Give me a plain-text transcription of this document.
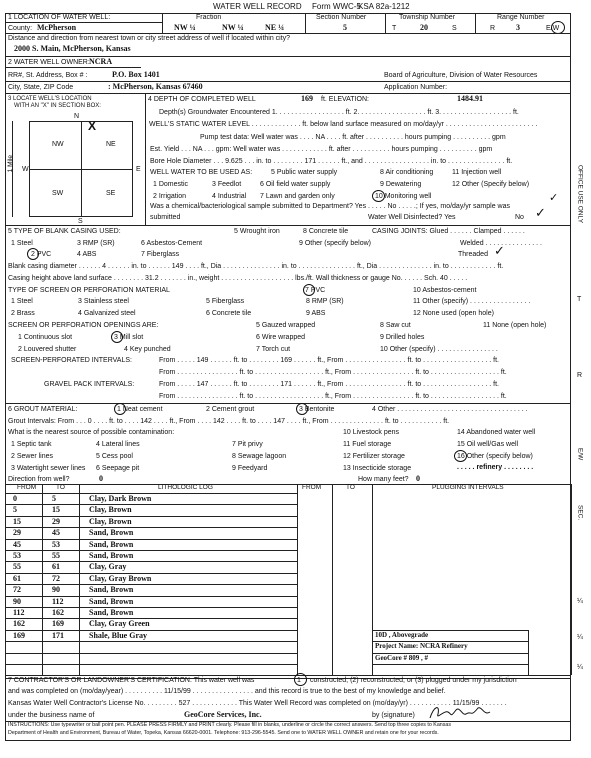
WATER WELL RECORD Form WWC-5
KSA 82a-1212
1 LOCATION OF WATER WELL:	Fraction	Section Number	Township Number	Range Number
County: McPherson	NW ¼	NW ¼	NE ¼	5	T	20	S	R	3	E/W
Distance and direction from nearest town or city street address of well if located within city?
2000 S. Main, McPherson, Kansas
2 WATER WELL OWNER: NCRA
RR#, St. Address, Box # :	P.O. Box 1401	Board of Agriculture, Division of Water Resources
City, State, ZIP Code	: McPherson, Kansas 67460	Application Number:
3 LOCATE WELL'S LOCATION
WITH AN "X" IN SECTION BOX:
N
X
NW	NE
SW	SE
W	E
S
1 Mile
4 DEPTH OF COMPLETED WELL	169 ft. ELEVATION:	1484.91
Depth(s) Groundwater Encountered 1. . . . . . . . . . . . . . . . . . ft. 2. . . . . . . . . . . . . . . . . . ft. 3. . . . . . . . . . . . . . . . . . . ft.
WELL'S STATIC WATER LEVEL . . . . . . . . . . . . . ft. below land surface measured on mo/day/yr . . . . . . . . . . . . . . . . . . . . . . . .
Pump test data: Well water was . . . . NA . . . . ft. after . . . . . . . . . . hours pumping . . . . . . . . . . gpm
Est. Yield . . . NA . . . gpm: Well water was . . . . . . . . . . . . ft. after . . . . . . . . . . hours pumping . . . . . . . . . . gpm
Bore Hole Diameter . . . 9.625 . . . in. to . . . . . . . . 171 . . . . . . ft., and . . . . . . . . . . . . . . . . . in. to . . . . . . . . . . . . . . . ft.
WELL WATER TO BE USED AS:	5 Public water supply	8 Air conditioning	11 Injection well
1 Domestic	3 Feedlot	6 Oil field water supply	9 Dewatering	12 Other (Specify below)
2 Irrigation	4 Industrial 7 Lawn and garden only	10 Monitoring well
Was a chemical/bacteriological sample submitted to Department? Yes . . . . . No . . . . .; If yes, mo/day/yr sample was
submitted	Water Well Disinfected? Yes	No ✓
✓
5 TYPE OF BLANK CASING USED:	5 Wrought iron	8 Concrete tile	CASING JOINTS: Glued . . . . . . Clamped . . . . . .
1 Steel	3 RMP (SR)	6 Asbestos-Cement	9 Other (specify below)	Welded . . . . . . . . . . . . . . .
2 PVC	4 ABS	7 Fiberglass	Threaded ✓
Blank casing diameter . . . . . . 4 . . . . . . in. to . . . . . . 149 . . . . ft., Dia . . . . . . . . . . . . . . . in. to . . . . . . . . . . . . . . . ft., Dia . . . . . . . . . . . . . . in. to . . . . . . . . . . . . ft.
Casing height above land surface . . . . . . . . 31.2 . . . . . . . in., weight . . . . . . . . . . . . . . . . . . . lbs./ft. Wall thickness or gauge No. . . . . . Sch. 40 . . . . .
TYPE OF SCREEN OR PERFORATION MATERIAL	7 PVC	10 Asbestos-cement
1 Steel	3 Stainless steel	5 Fiberglass	8 RMP (SR)	11 Other (specify) . . . . . . . . . . . . . . . .
2 Brass	4 Galvanized steel	6 Concrete tile	9 ABS	12 None used (open hole)
SCREEN OR PERFORATION OPENINGS ARE:	5 Gauzed wrapped	8 Saw cut	11 None (open hole)
1 Continuous slot	3 Mill slot	6 Wire wrapped	9 Drilled holes
2 Louvered shutter	4 Key punched	7 Torch cut	10 Other (specify) . . . . . . . . . . . . . . . .
SCREEN-PERFORATED INTERVALS:	From . . . . . 149 . . . . . . ft. to . . . . . . . . 169 . . . . . . ft., From . . . . . . . . . . . . . . . . ft. to . . . . . . . . . . . . . . . . . . ft.
From . . . . . . . . . . . . . . . . ft. to . . . . . . . . . . . . . . . . . . ft., From . . . . . . . . . . . . . . . . ft. to . . . . . . . . . . . . . . . . . . ft.
GRAVEL PACK INTERVALS:	From . . . . . 147 . . . . . . ft. to . . . . . . . . 171 . . . . . . ft., From . . . . . . . . . . . . . . . . ft. to . . . . . . . . . . . . . . . . . . ft.
From . . . . . . . . . . . . . . . . ft. to . . . . . . . . . . . . . . . . . . ft., From . . . . . . . . . . . . . . . . ft. to . . . . . . . . . . . . . . . . . . ft.
6 GROUT MATERIAL:	1 Neat cement	2 Cement grout	3 Bentonite	4 Other . . . . . . . . . . . . . . . . . . . . . . . . . . . . . . . . . .
Grout Intervals: From . . . 0 . . . . ft. to . . . . 142 . . . . ft., From . . . . 142 . . . . ft. to . . . . 147 . . . . ft., From . . . . . . . . . . . . . . ft. to . . . . . . . . . . . ft.
What is the nearest source of possible contamination:	10 Livestock pens	14 Abandoned water well
1 Septic tank	4 Lateral lines	7 Pit privy	11 Fuel storage	15 Oil well/Gas well
2 Sewer lines	5 Cess pool	8 Sewage lagoon	12 Fertilizer storage	16 Other (specify below)
3 Watertight sewer lines 6 Seepage pit	9 Feedyard	13 Insecticide storage	. . . . . refinery . . . . . . . .
Direction from well?	0	How many feet? 0
FROM	TO	LITHOLOGIC LOG	FROM	TO	PLUGGING INTERVALS
0	5	Clay, Dark Brown
5	15	Clay, Brown
15	29	Clay, Brown
29	45	Sand, Brown
45	53	Sand, Brown
53	55	Sand, Brown
55	61	Clay, Gray
61	72	Clay, Gray Brown
72	90	Sand, Brown
90	112	Sand, Brown
112	162	Sand, Brown
162	169	Clay, Gray Green
169	171	Shale, Blue Gray	10D , Abovegrade
Project Name: NCRA Refinery
GeoCore # 809 , #
7 CONTRACTOR'S OR LANDOWNER'S CERTIFICATION: This water well was	1 constructed, (2) reconstructed, or (3) plugged under my jurisdiction
and was completed on (mo/day/year) . . . . . . . . . . 11/15/99 . . . . . . . . . . . . . . . . and this record is true to the best of my knowledge and belief.
Kansas Water Well Contractor's License No. . . . . . . . . 527 . . . . . . . . . . . . This Water Well Record was completed on (mo/day/yr) . . . . . . . . . . . 11/15/99 . . . . . . .
under the business name of	GeoCore Services, Inc.	by (signature)
INSTRUCTIONS: Use typewriter or ball point pen. PLEASE PRESS FIRMLY and PRINT clearly. Please fill in blanks, underline or circle the correct answers. Send top three copies to Kansas
Department of Health and Environment, Bureau of Water, Topeka, Kansas 66620-0001. Telephone: 913-296-5545. Send one to WATER WELL OWNER and retain one for your records.
OFFICE USE ONLY
T
R
E/W
SEC.
¼
¼
¼
